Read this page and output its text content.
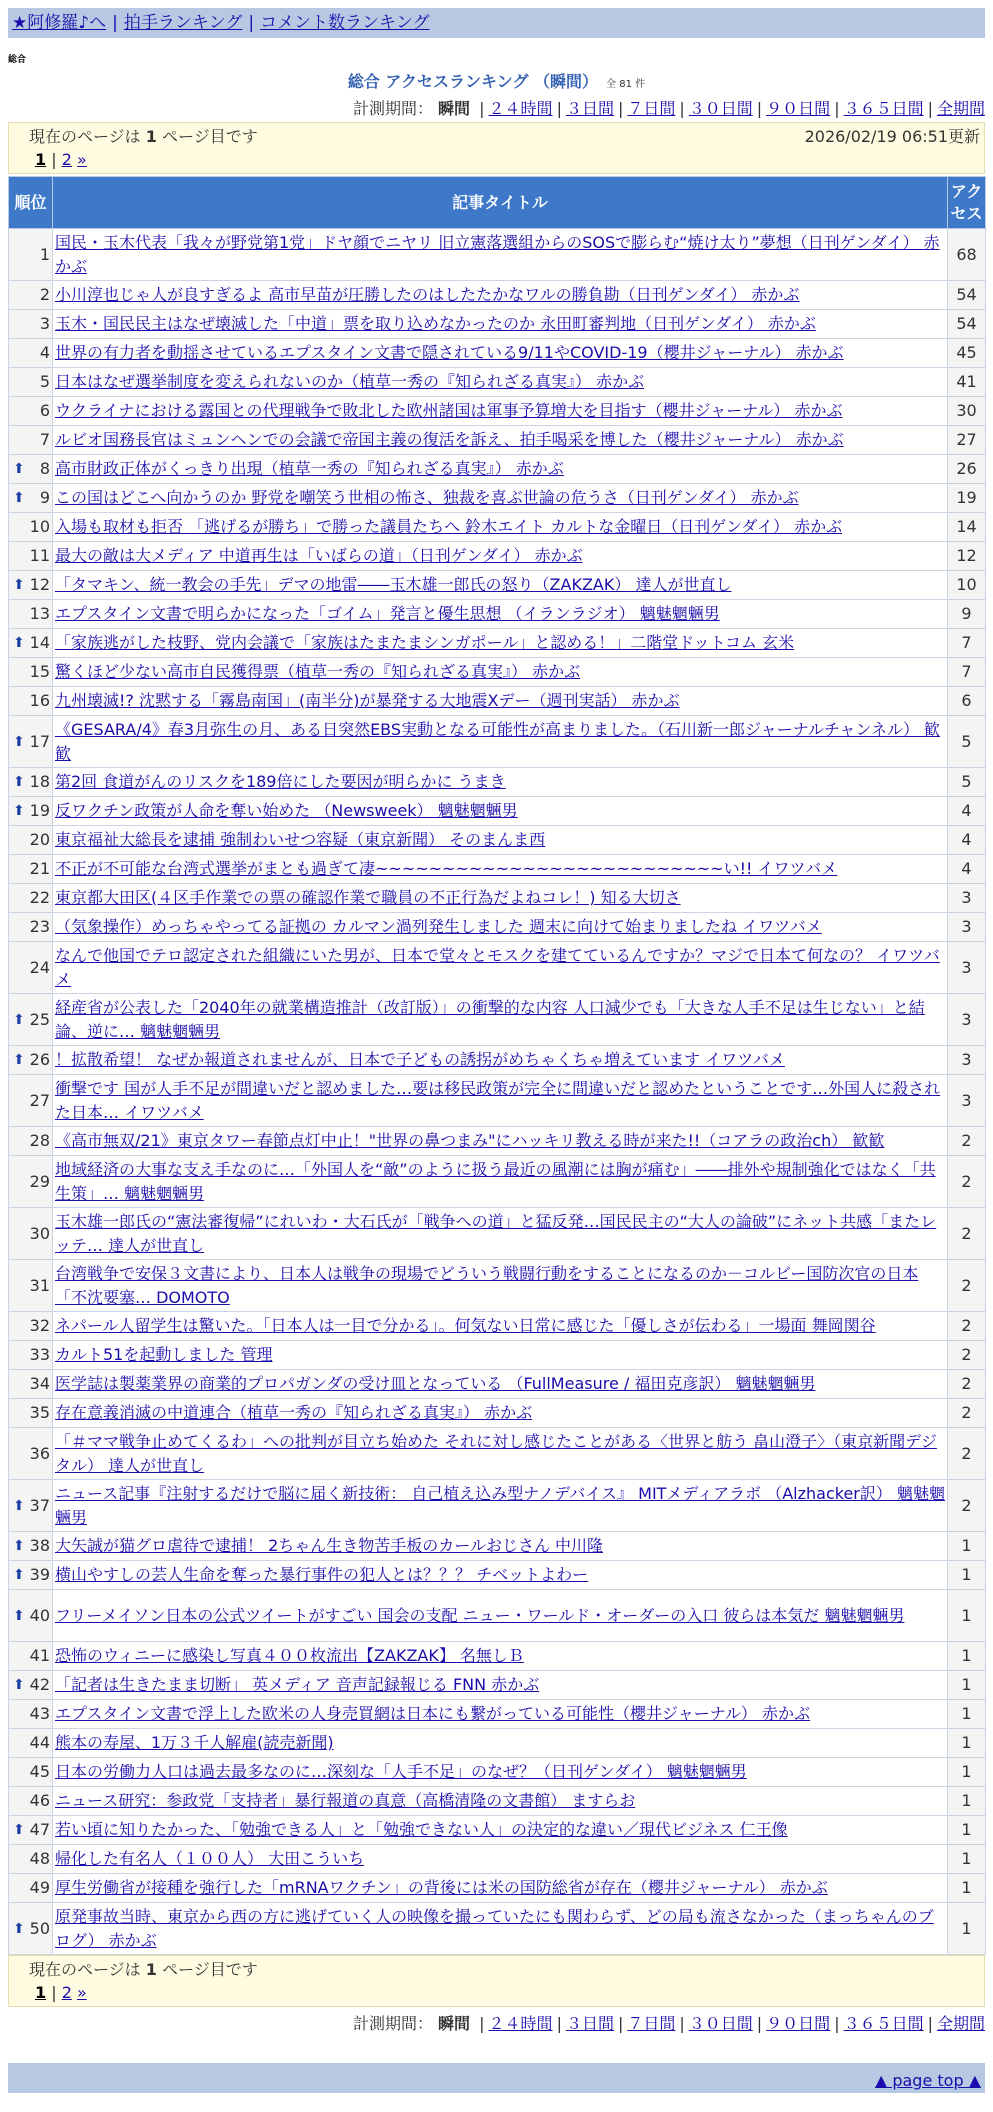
★阿修羅♪へ | 拍手ランキング | コメント数ランキング
総合
総合 アクセスランキング （瞬間） 全 81 件
計測期間： 瞬間 | ２４時間 | ３日間 | ７日間 | ３０日間 | ９０日間 | ３６５日間 | 全期間
現在のページは 1 ページ目です	2026/02/19 06:51更新
1 | 2 »
順位	記事タイトル	アクセス
1	国民・玉木代表「我々が野党第1党」ドヤ顔でニヤリ 旧立憲落選組からのSOSで膨らむ“焼け太り”夢想（日刊ゲンダイ） 赤かぶ	68
2	小川淳也じゃ人が良すぎるよ 高市早苗が圧勝したのはしたたかなワルの勝負勘（日刊ゲンダイ） 赤かぶ	54
3	玉木・国民民主はなぜ壊滅した「中道」票を取り込めなかったのか 永田町審判地（日刊ゲンダイ） 赤かぶ	54
4	世界の有力者を動揺させているエプスタイン文書で隠されている9/11やCOVID-19（櫻井ジャーナル） 赤かぶ	45
5	日本はなぜ選挙制度を変えられないのか（植草一秀の『知られざる真実』） 赤かぶ	41
6	ウクライナにおける露国との代理戦争で敗北した欧州諸国は軍事予算増大を目指す（櫻井ジャーナル） 赤かぶ	30
7	ルビオ国務長官はミュンヘンでの会議で帝国主義の復活を訴え、拍手喝采を博した（櫻井ジャーナル） 赤かぶ	27

⬆ 8	高市財政正体がくっきり出現（植草一秀の『知られざる真実』） 赤かぶ	26

⬆ 9	この国はどこへ向かうのか 野党を嘲笑う世相の怖さ、独裁を喜ぶ世論の危うさ（日刊ゲンダイ） 赤かぶ	19
10	入場も取材も拒否 「逃げるが勝ち」で勝った議員たちへ 鈴木エイト カルトな金曜日（日刊ゲンダイ） 赤かぶ	14
11	最大の敵は大メディア 中道再生は「いばらの道」（日刊ゲンダイ） 赤かぶ	12

⬆ 12	「タマキン、統一教会の手先」デマの地雷――玉木雄一郎氏の怒り（ZAKZAK） 達人が世直し	10
13	エプスタイン文書で明らかになった「ゴイム」発言と優生思想 （イランラジオ） 魑魅魍魎男	9

⬆ 14	「家族逃がした枝野、党内会議で「家族はたまたまシンガポール」と認める！」二階堂ドットコム 玄米	7
15	驚くほど少ない高市自民獲得票（植草一秀の『知られざる真実』） 赤かぶ	7
16	九州壊滅!? 沈黙する「霧島南国」(南半分)が暴発する大地震Xデー（週刊実話） 赤かぶ	6

⬆ 17	《GESARA/4》春3月弥生の月、ある日突然EBS実動となる可能性が高まりました。（石川新一郎ジャーナルチャンネル） 歓歓	5

⬆ 18	第2回 食道がんのリスクを189倍にした要因が明らかに うまき	5

⬆ 19	反ワクチン政策が人命を奪い始めた （Newsweek） 魑魅魍魎男	4
20	東京福祉大総長を逮捕 強制わいせつ容疑（東京新聞） そのまんま西	4
21	不正が不可能な台湾式選挙がまとも過ぎて凄~~~~~~~~~~~~~~~~~~~~~~~~~~い!! イワツバメ	4
22	東京都大田区(４区手作業での票の確認作業で職員の不正行為だよねコレ！) 知る大切さ	3
23	（気象操作）めっちゃやってる証拠の カルマン渦列発生しました 週末に向けて始まりましたね イワツバメ	3
24	なんで他国でテロ認定された組織にいた男が、日本で堂々とモスクを建てているんですか？マジで日本て何なの？ イワツバメ	3

⬆ 25	経産省が公表した「2040年の就業構造推計（改訂版）」の衝撃的な内容 人口減少でも「大きな人手不足は生じない」と結論、逆に… 魑魅魍魎男	3

⬆ 26	！拡散希望！ なぜか報道されませんが、日本で子どもの誘拐がめちゃくちゃ増えています イワツバメ	3
27	衝撃です 国が人手不足が間違いだと認めました…要は移民政策が完全に間違いだと認めたということです…外国人に殺された日本… イワツバメ	3
28	《高市無双/21》東京タワー春節点灯中止！"世界の鼻つまみ"にハッキリ教える時が来た!!（コアラの政治ch） 歓歓	2
29	地域経済の大事な支え手なのに…「外国人を“敵”のように扱う最近の風潮には胸が痛む」――排外や規制強化ではなく「共生策」… 魑魅魍魎男	2
30	玉木雄一郎氏の“憲法審復帰”にれいわ・大石氏が「戦争への道」と猛反発…国民民主の“大人の論破”にネット共感「またレッテ… 達人が世直し	2
31	台湾戦争で安保３文書により、日本人は戦争の現場でどういう戦闘行動をすることになるのか－コルビー国防次官の日本「不沈要塞… DOMOTO	2
32	ネパール人留学生は驚いた。「日本人は一目で分かる」。何気ない日常に感じた「優しさが伝わる」一場面 舞岡関谷	2
33	カルト51を起動しました 管理	2
34	医学誌は製薬業界の商業的プロパガンダの受け皿となっている （FullMeasure / 福田克彦訳） 魑魅魍魎男	2
35	存在意義消滅の中道連合（植草一秀の『知られざる真実』） 赤かぶ	2
36	「＃ママ戦争止めてくるわ」への批判が目立ち始めた それに対し感じたことがある〈世界と舫う 畠山澄子〉（東京新聞デジタル） 達人が世直し	2

⬆ 37	ニュース記事『注射するだけで脳に届く新技術： 自己植え込み型ナノデバイス』 MITメディアラボ （Alzhacker訳） 魑魅魍魎男	2

⬆ 38	大矢誠が猫グロ虐待で逮捕！ 2ちゃん生き物苦手板のカールおじさん 中川隆	1

⬆ 39	横山やすしの芸人生命を奪った暴行事件の犯人とは？？？ チベットよわー	1

⬆ 40	フリーメイソン日本の公式ツイートがすごい 国会の支配 ニュー・ワールド・オーダーの入口 彼らは本気だ 魑魅魍魎男	1
41	恐怖のウィニーに感染し写真４００枚流出【ZAKZAK】 名無しＢ	1

⬆ 42	「記者は生きたまま切断」 英メディア 音声記録報じる FNN 赤かぶ	1
43	エプスタイン文書で浮上した欧米の人身売買網は日本にも繋がっている可能性（櫻井ジャーナル） 赤かぶ	1
44	熊本の寿屋、1万３千人解雇(読売新聞)	1
45	日本の労働力人口は過去最多なのに…深刻な「人手不足」のなぜ？（日刊ゲンダイ） 魑魅魍魎男	1
46	ニュース研究：参政党「支持者」暴行報道の真意（高橋清隆の文書館） ますらお	1

⬆ 47	若い頃に知りたかった、「勉強できる人」と「勉強できない人」の決定的な違い／現代ビジネス 仁王像	1
48	帰化した有名人（１００人） 大田こういち	1
49	厚生労働省が接種を強行した「mRNAワクチン」の背後には米の国防総省が存在（櫻井ジャーナル） 赤かぶ	1

⬆ 50	原発事故当時、東京から西の方に逃げていく人の映像を撮っていたにも関わらず、どの局も流さなかった（まっちゃんのブログ） 赤かぶ	1
現在のページは 1 ページ目です
1 | 2 »
計測期間： 瞬間 | ２４時間 | ３日間 | ７日間 | ３０日間 | ９０日間 | ３６５日間 | 全期間
▲ page top ▲
